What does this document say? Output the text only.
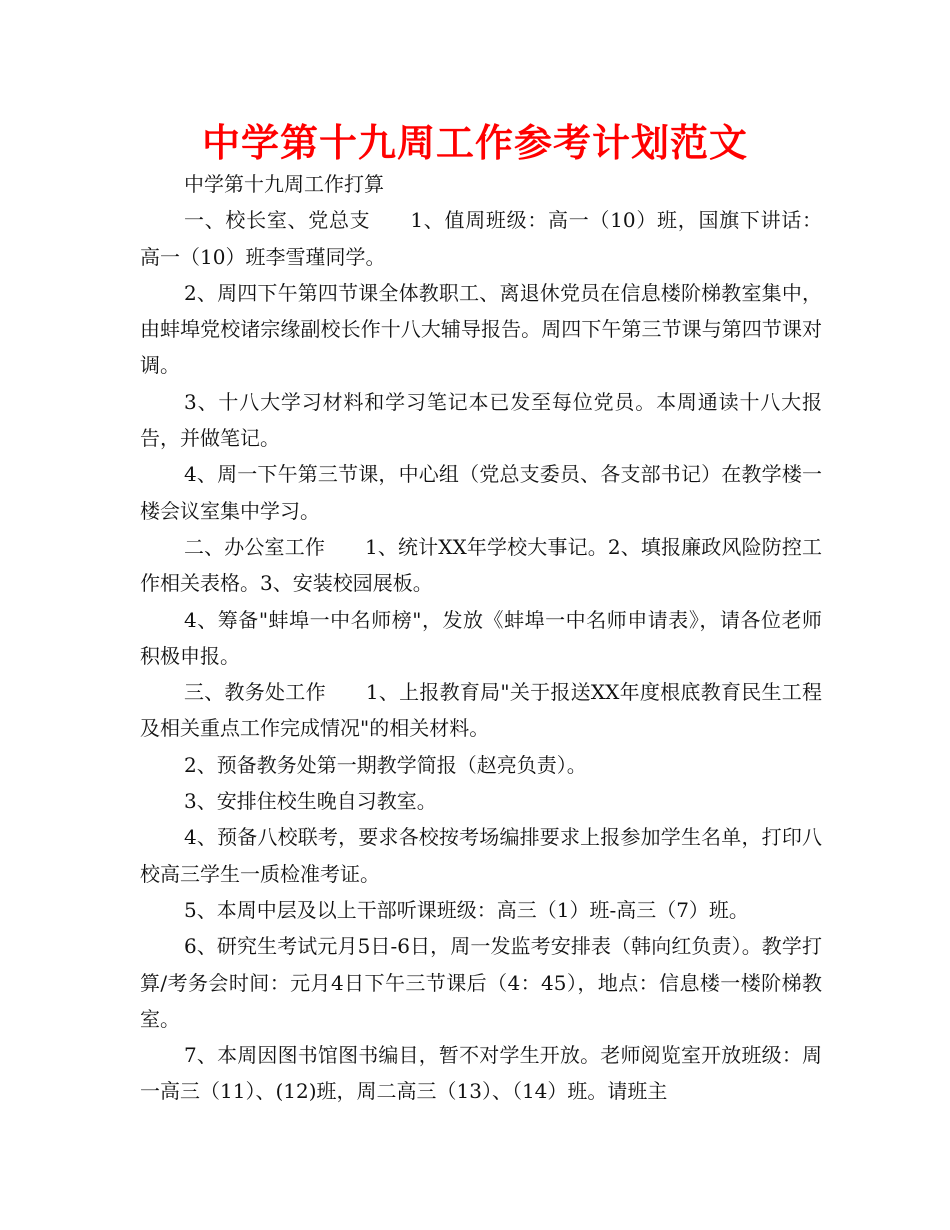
中学第十九周工作参考计划范文

中学第十九周工作打算

一、校长室、党总支 1、值周班级：高一（10）班，国旗下讲话：高一（10）班李雪瑾同学。

2、周四下午第四节课全体教职工、离退休党员在信息楼阶梯教室集中，由蚌埠党校诸宗缘副校长作十八大辅导报告。周四下午第三节课与第四节课对调。

3、十八大学习材料和学习笔记本已发至每位党员。本周通读十八大报告，并做笔记。

4、周一下午第三节课，中心组（党总支委员、各支部书记）在教学楼一楼会议室集中学习。

二、办公室工作 1、统计XX年学校大事记。2、填报廉政风险防控工作相关表格。3、安装校园展板。

4、筹备"蚌埠一中名师榜"，发放《蚌埠一中名师申请表》，请各位老师积极申报。

三、教务处工作 1、上报教育局"关于报送XX年度根底教育民生工程及相关重点工作完成情况"的相关材料。

2、预备教务处第一期教学简报（赵亮负责）。

3、安排住校生晚自习教室。

4、预备八校联考，要求各校按考场编排要求上报参加学生名单，打印八校高三学生一质检准考证。

5、本周中层及以上干部听课班级：高三（1）班-高三（7）班。

6、研究生考试元月5日-6日，周一发监考安排表（韩向红负责）。教学打算/考务会时间：元月4日下午三节课后（4：45），地点：信息楼一楼阶梯教室。

7、本周因图书馆图书编目，暂不对学生开放。老师阅览室开放班级：周一高三（11）、(12)班，周二高三（13）、（14）班。请班主
